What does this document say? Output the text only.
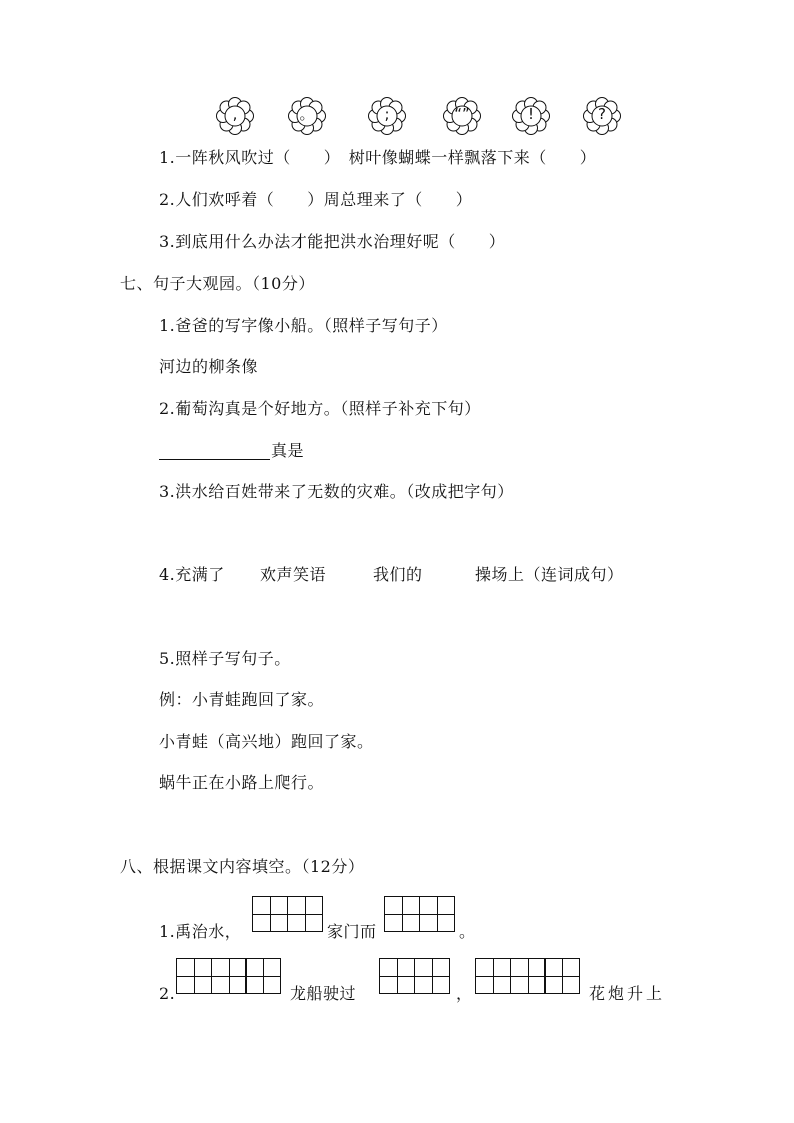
,	。	;	“”	!	?
1.一阵秋风吹过（　　）　树叶像蝴蝶一样飘落下来（　　）
2.人们欢呼着（　　）周总理来了（　　）
3.到底用什么办法才能把洪水治理好呢（　　）
七、句子大观园。（10分）
1.爸爸的写字像小船。（照样子写句子）
河边的柳条像
2.葡萄沟真是个好地方。（照样子补充下句）
真是
3.洪水给百姓带来了无数的灾难。（改成把字句）
4.充满了 欢声笑语	我们的	操场上（连词成句）
5.照样子写句子。
例：小青蛙跑回了家。
小青蛙（高兴地）跑回了家。
蜗牛正在小路上爬行。
八、根据课文内容填空。（12分）
1.禹治水，	家门而	。
2.	龙船驶过	，	花炮升上
